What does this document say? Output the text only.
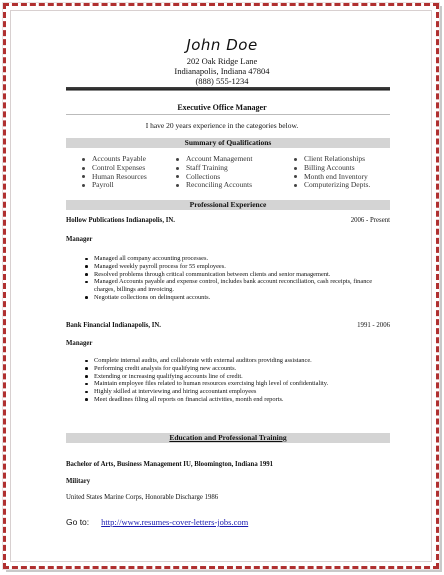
John Doe
202 Oak Ridge Lane
Indianapolis, Indiana 47804
(888) 555-1234
Executive Office Manager
I have 20 years experience in the categories below.
Summary of Qualifications
Accounts Payable
Control Expenses
Human Resources
Payroll
Account Management
Staff Training
Collections
Reconciling Accounts
Client Relationships
Billing Accounts
Month end Inventory
Computerizing Depts.
Professional Experience
Hollow Publications Indianapolis, IN.	2006 - Present
Manager
Managed all company accounting processes.
Managed weekly payroll process for 55 employees.
Resolved problems through critical communication between clients and senior management.
Managed Accounts payable and expense control, includes bank account reconciliation, cash receipts, finance charges, billings and invoicing.
Negotiate collections on delinquent accounts.
Bank Financial Indianapolis, IN.	1991 - 2006
Manager
Complete internal audits, and collaborate with external auditors providing assistance.
Performing credit analysis for qualifying new accounts.
Extending or increasing qualifying accounts line of credit.
Maintain employee files related to human resources exercising high level of confidentiality.
Highly skilled at interviewing and hiring accountant employees
Meet deadlines filing all reports on financial activities, month end reports.
Education and Professional Training
Bachelor of Arts, Business Management IU, Bloomington, Indiana 1991
Military
United States Marine Corps, Honorable Discharge 1986
Go to: http://www.resumes-cover-letters-jobs.com
